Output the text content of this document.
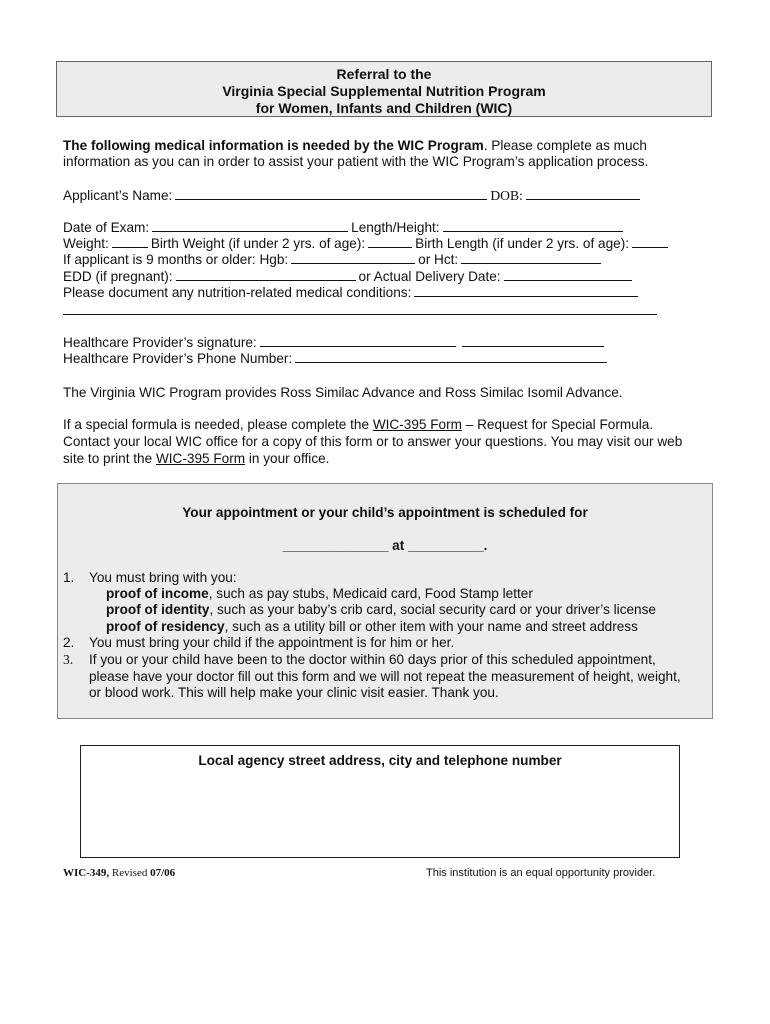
Referral to the
Virginia Special Supplemental Nutrition Program
for Women, Infants and Children (WIC)
The following medical information is needed by the WIC Program. Please complete as much
information as you can in order to assist your patient with the WIC Program’s application process.
Applicant’s Name:	DOB:
Date of Exam:	Length/Height:
Weight:	Birth Weight (if under 2 yrs. of age):	Birth Length (if under 2 yrs. of age):
If applicant is 9 months or older: Hgb:	or Hct:
EDD (if pregnant):	or Actual Delivery Date:
Please document any nutrition-related medical conditions:
Healthcare Provider’s signature:
Healthcare Provider’s Phone Number:
The Virginia WIC Program provides Ross Similac Advance and Ross Similac Isomil Advance.
If a special formula is needed, please complete the WIC-395 Form – Request for Special Formula.
Contact your local WIC office for a copy of this form or to answer your questions. You may visit our web
site to print the WIC-395 Form in your office.
Your appointment or your child’s appointment is scheduled for
______________ at __________.
1. You must bring with you:
proof of income, such as pay stubs, Medicaid card, Food Stamp letter
proof of identity, such as your baby’s crib card, social security card or your driver’s license
proof of residency, such as a utility bill or other item with your name and street address
2. You must bring your child if the appointment is for him or her.
3. If you or your child have been to the doctor within 60 days prior of this scheduled appointment,
please have your doctor fill out this form and we will not repeat the measurement of height, weight,
or blood work. This will help make your clinic visit easier. Thank you.
Local agency street address, city and telephone number
WIC-349, Revised 07/06	This institution is an equal opportunity provider.
